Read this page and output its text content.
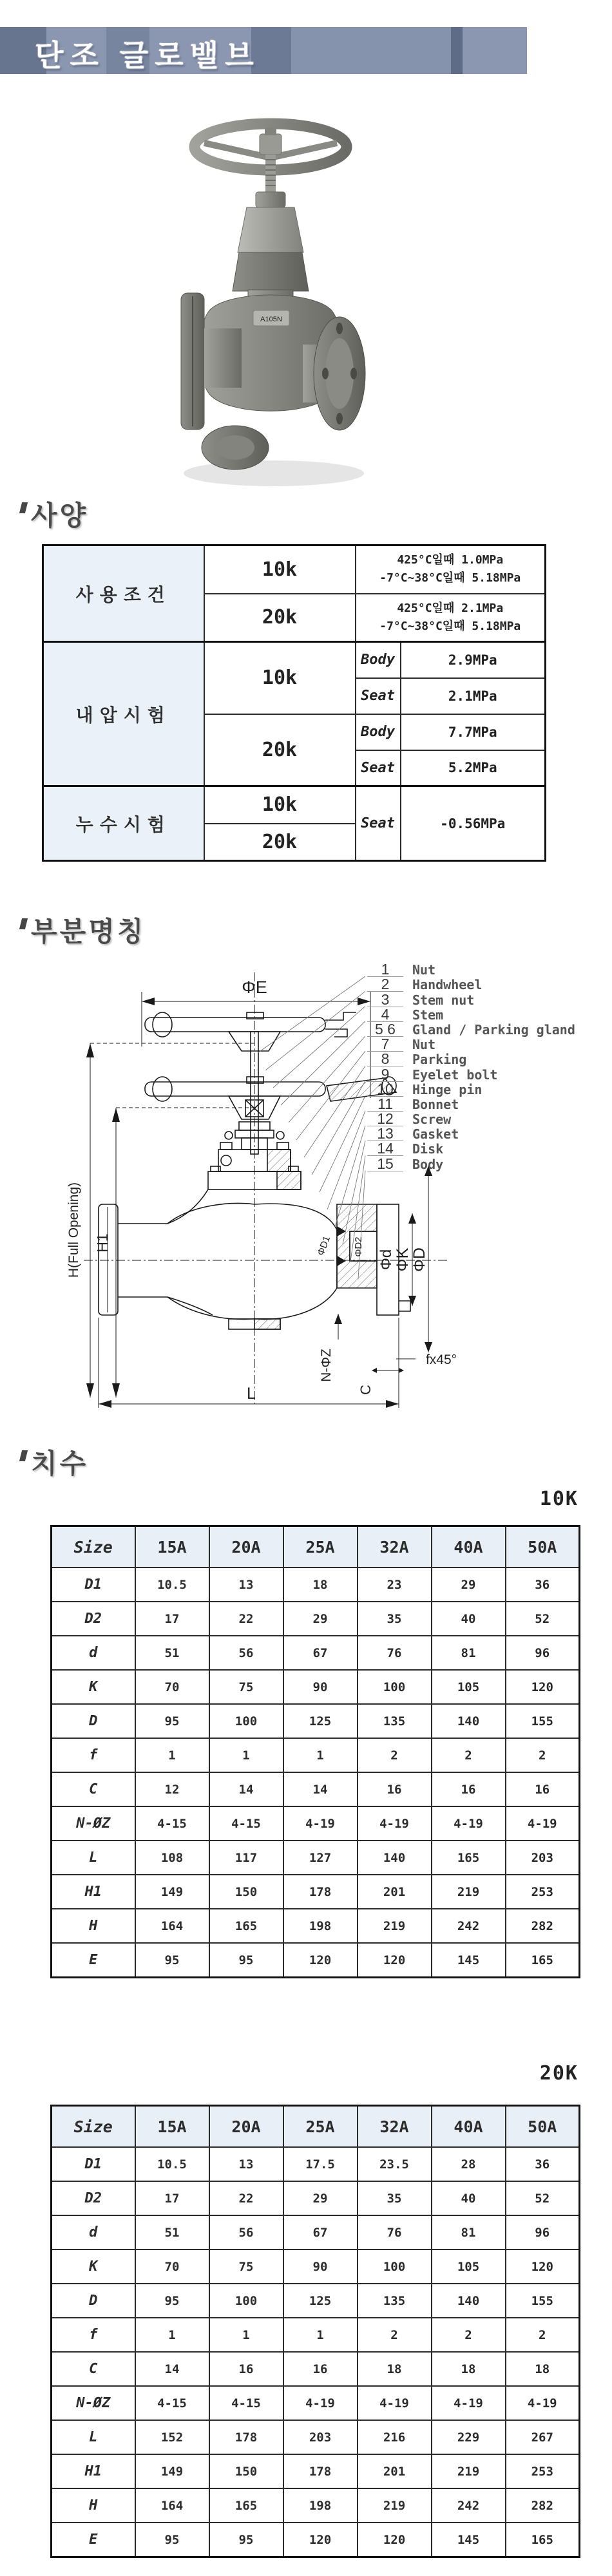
단조 글로밸브
A105N
사양
사용조건	10k	425°C일때 1.0MPa
-7°C~38°C일때 5.18MPa	

	20k	425°C일때 2.1MPa
-7°C~38°C일때 5.18MPa	

내압시험	10k	Body	2.9MPa
		Seat	2.1MPa
	20k	Body	7.7MPa
		Seat	5.2MPa
누수시험	10k	Seat	-0.56MPa
	20k		
부분명칭
ΦE
H(Full Opening) H1	ΦD1 ΦD2
Φd
ΦK
ΦD
N-ΦZ
C
fx45°
L
1	Nut
2	Handwheel
3	Stem nut
4	Stem
5 6	Gland / Parking gland
7	Nut
8	Parking
9	Eyelet bolt
10	Hinge pin
11	Bonnet
12	Screw
13	Gasket
14	Disk
15	Body
치수
10K
Size	15A	20A	25A	32A	40A	50A
D1	10.5	13	18	23	29	36
D2	17	22	29	35	40	52
d	51	56	67	76	81	96
K	70	75	90	100	105	120
D	95	100	125	135	140	155
f	1	1	1	2	2	2
C	12	14	14	16	16	16
N-ØZ	4-15	4-15	4-19	4-19	4-19	4-19
L	108	117	127	140	165	203
H1	149	150	178	201	219	253
H	164	165	198	219	242	282
E	95	95	120	120	145	165
20K
Size	15A	20A	25A	32A	40A	50A
D1	10.5	13	17.5	23.5	28	36
D2	17	22	29	35	40	52
d	51	56	67	76	81	96
K	70	75	90	100	105	120
D	95	100	125	135	140	155
f	1	1	1	2	2	2
C	14	16	16	18	18	18
N-ØZ	4-15	4-15	4-19	4-19	4-19	4-19
L	152	178	203	216	229	267
H1	149	150	178	201	219	253
H	164	165	198	219	242	282
E	95	95	120	120	145	165
